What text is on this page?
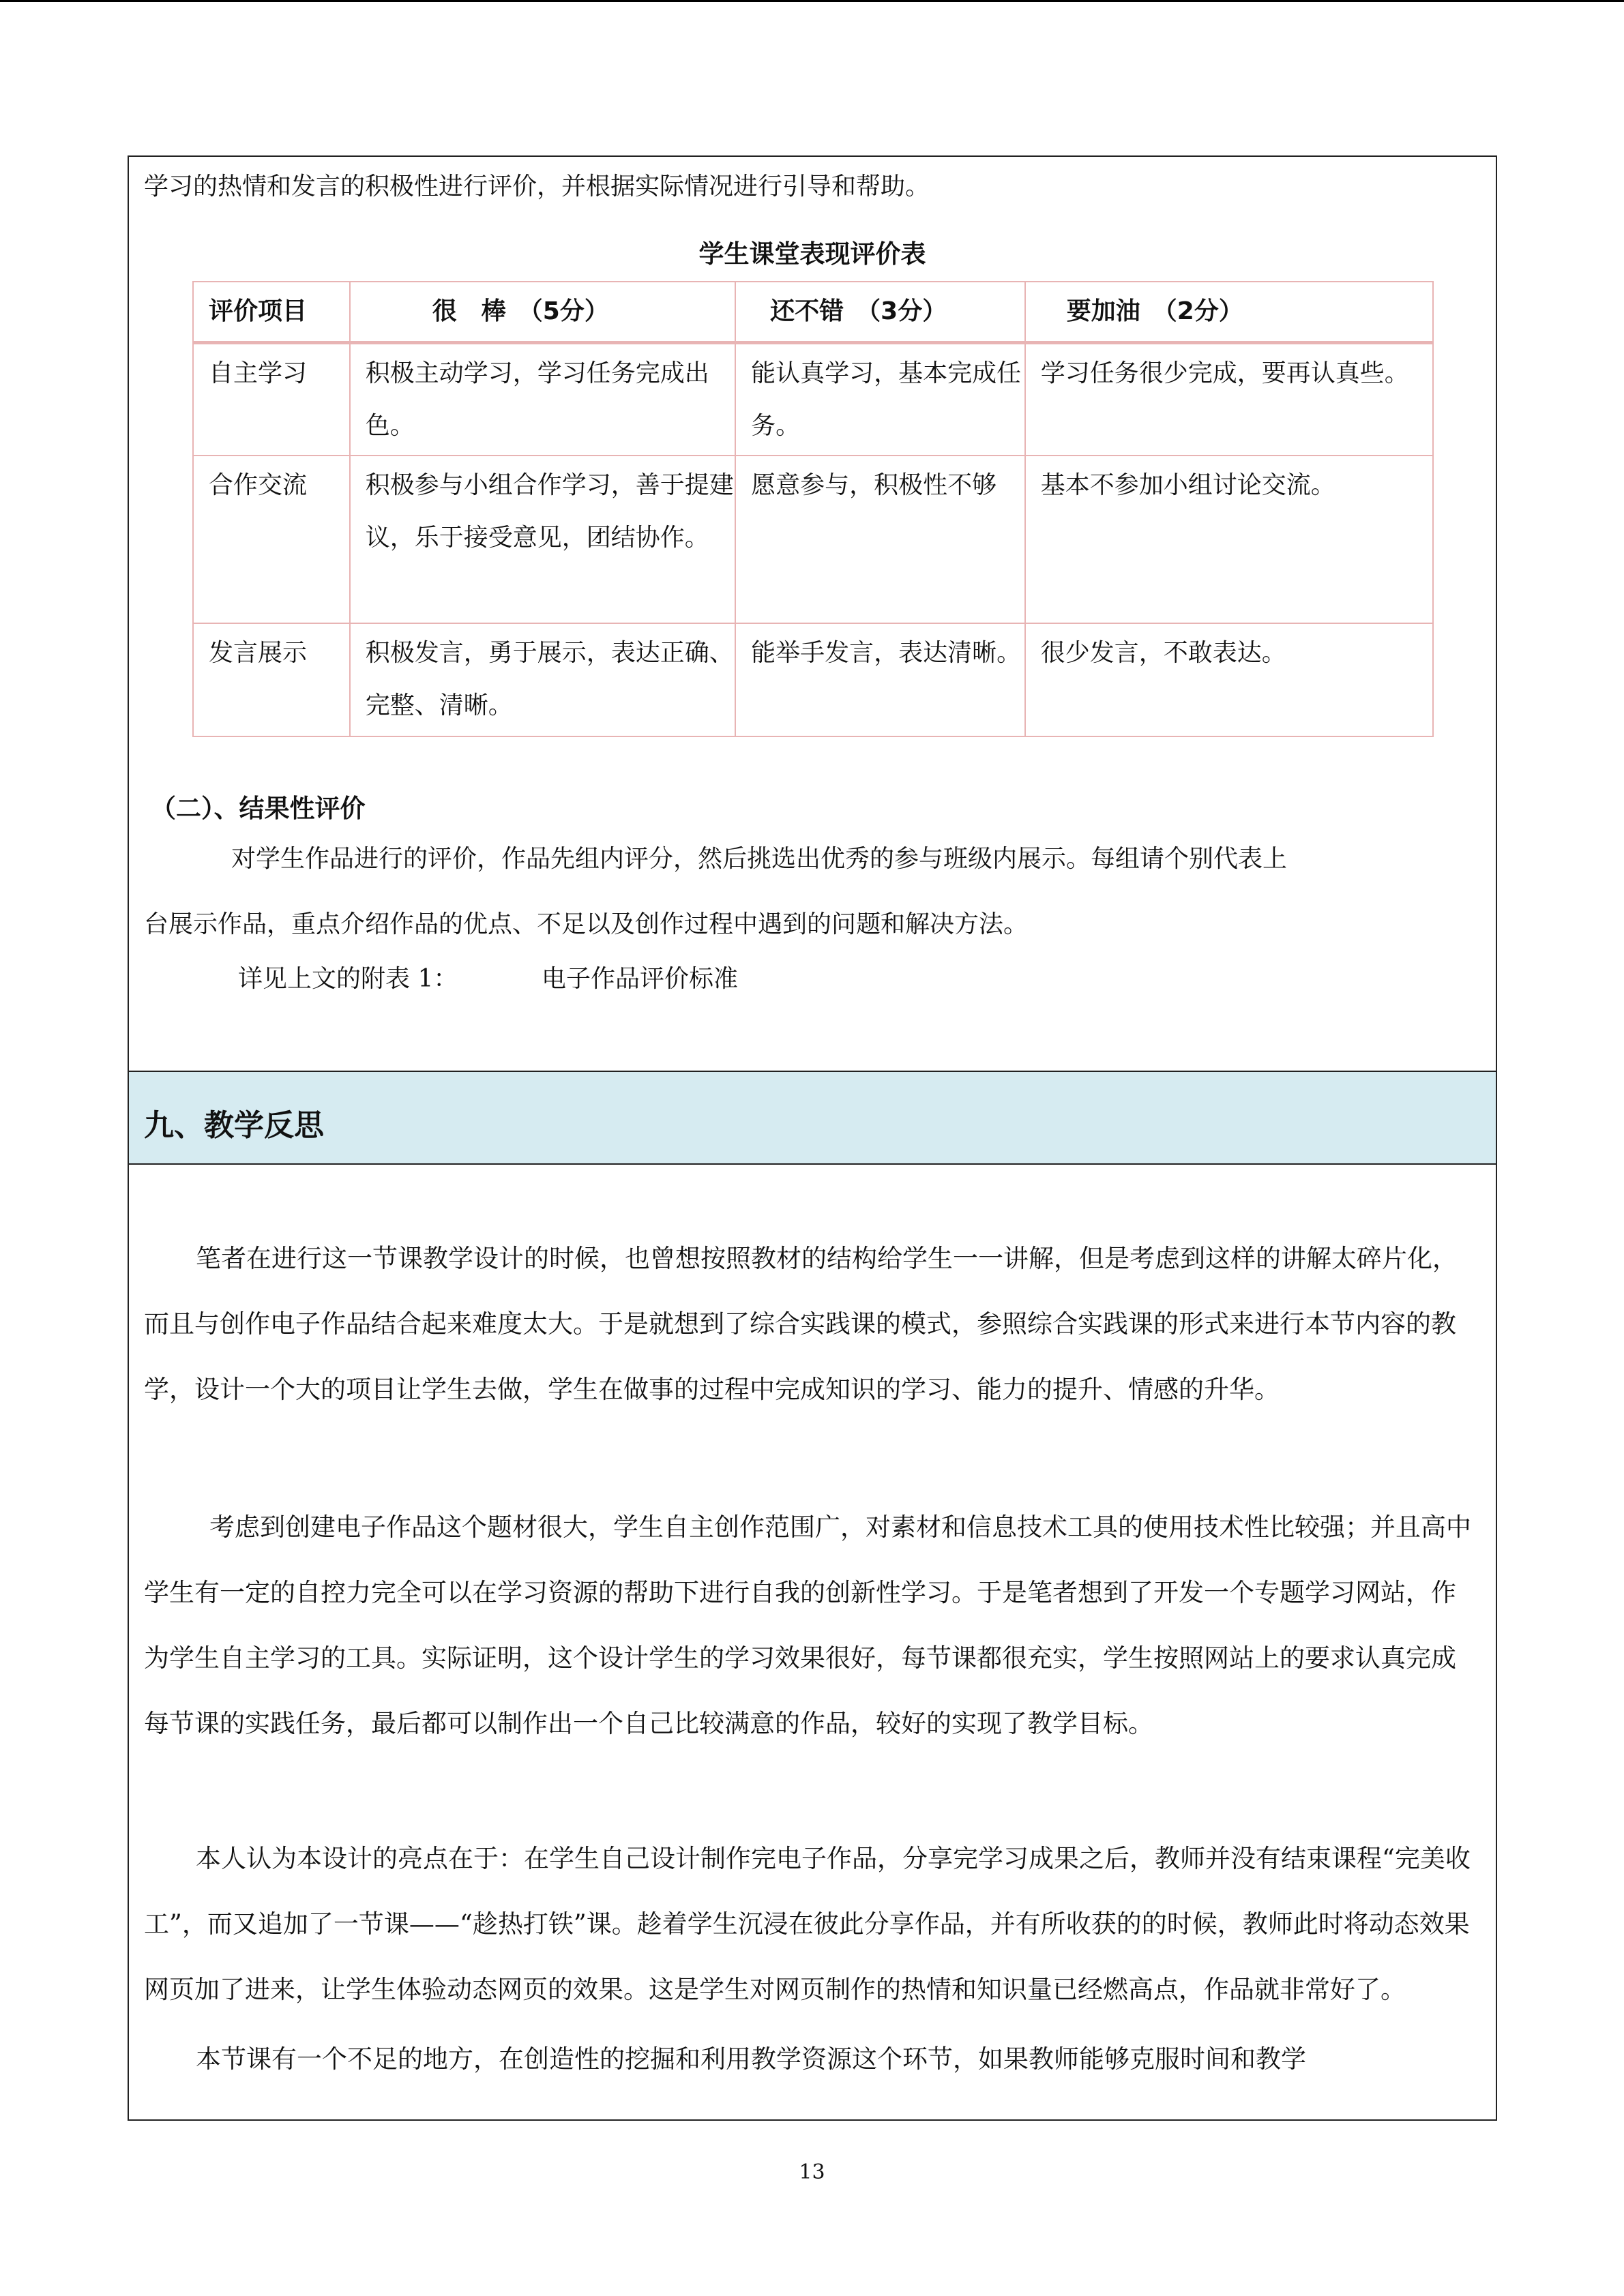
学习的热情和发言的积极性进行评价，并根据实际情况进行引导和帮助。
学生课堂表现评价表
评价项目	很　棒　（5分）	还不错　（3分）	要加油　（2分）
自主学习	积极主动学习，学习任务完成出色。	能认真学习，基本完成任务。	学习任务很少完成，要再认真些。
合作交流	积极参与小组合作学习，善于提建议，乐于接受意见，团结协作。	愿意参与，积极性不够	基本不参加小组讨论交流。
发言展示	积极发言，勇于展示，表达正确、完整、清晰。	能举手发言，表达清晰。	很少发言，不敢表达。
（二）、结果性评价
对学生作品进行的评价，作品先组内评分，然后挑选出优秀的参与班级内展示。每组请个别代表上
台展示作品，重点介绍作品的优点、不足以及创作过程中遇到的问题和解决方法。
详见上文的附表 1：	电子作品评价标准
九、教学反思

笔者在进行这一节课教学设计的时候，也曾想按照教材的结构给学生一一讲解，但是考虑到这样的讲解太碎片化，而且与创作电子作品结合起来难度太大。于是就想到了综合实践课的模式，参照综合实践课的形式来进行本节内容的教学，设计一个大的项目让学生去做，学生在做事的过程中完成知识的学习、能力的提升、情感的升华。

考虑到创建电子作品这个题材很大，学生自主创作范围广，对素材和信息技术工具的使用技术性比较强；并且高中学生有一定的自控力完全可以在学习资源的帮助下进行自我的创新性学习。于是笔者想到了开发一个专题学习网站，作为学生自主学习的工具。实际证明，这个设计学生的学习效果很好，每节课都很充实，学生按照网站上的要求认真完成每节课的实践任务，最后都可以制作出一个自己比较满意的作品，较好的实现了教学目标。

本人认为本设计的亮点在于：在学生自己设计制作完电子作品，分享完学习成果之后，教师并没有结束课程“完美收工”，而又追加了一节课——“趁热打铁”课。趁着学生沉浸在彼此分享作品，并有所收获的的时候，教师此时将动态效果网页加了进来，让学生体验动态网页的效果。这是学生对网页制作的热情和知识量已经燃高点，作品就非常好了。

本节课有一个不足的地方，在创造性的挖掘和利用教学资源这个环节，如果教师能够克服时间和教学

13
